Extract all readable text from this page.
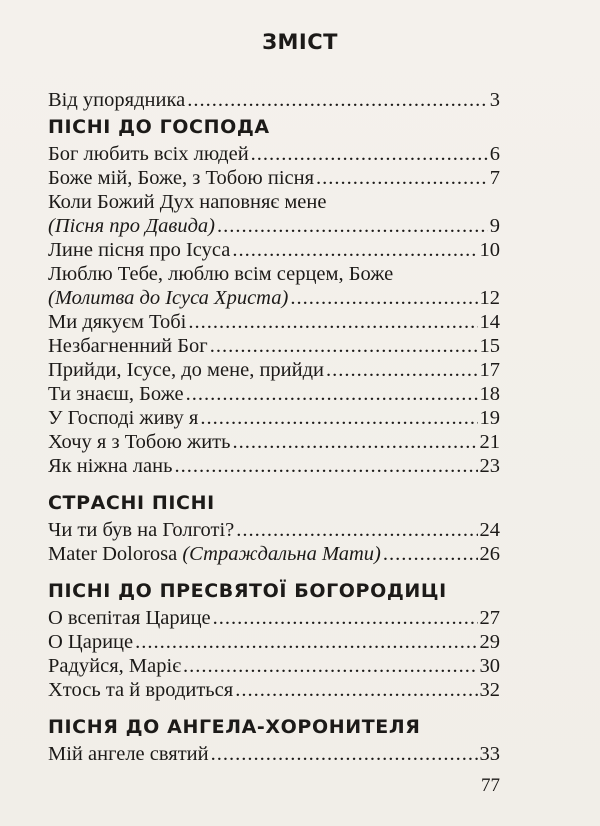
ЗМІСТ
Від упорядника .....	3
ПІСНІ ДО ГОСПОДА
Бог любить всіх людей .....	6
Боже мій, Боже, з Тобою пісня .....	7
Коли Божий Дух наповняє мене
(Пісня про Давида) .....	9
Лине пісня про Ісуса .....	10
Люблю Тебе, люблю всім серцем, Боже
(Молитва до Ісуса Христа) .....	12
Ми дякуєм Тобі .....	14
Незбагненний Бог .....	15
Прийди, Ісусе, до мене, прийди .....	17
Ти знаєш, Боже .....	18
У Господі живу я .....	19
Хочу я з Тобою жить .....	21
Як ніжна лань .....	23
СТРАСНІ ПІСНІ
Чи ти був на Голготі? .....	24
Mater Dolorosa (Страждальна Мати) .....	26
ПІСНІ ДО ПРЕСВЯТОЇ БОГОРОДИЦІ
О всепітая Царице .....	27
О Царице .....	29
Радуйся, Маріє .....	30
Хтось та й вродиться .....	32
ПІСНЯ ДО АНГЕЛА-ХОРОНИТЕЛЯ
Мій ангеле святий .....	33
77
